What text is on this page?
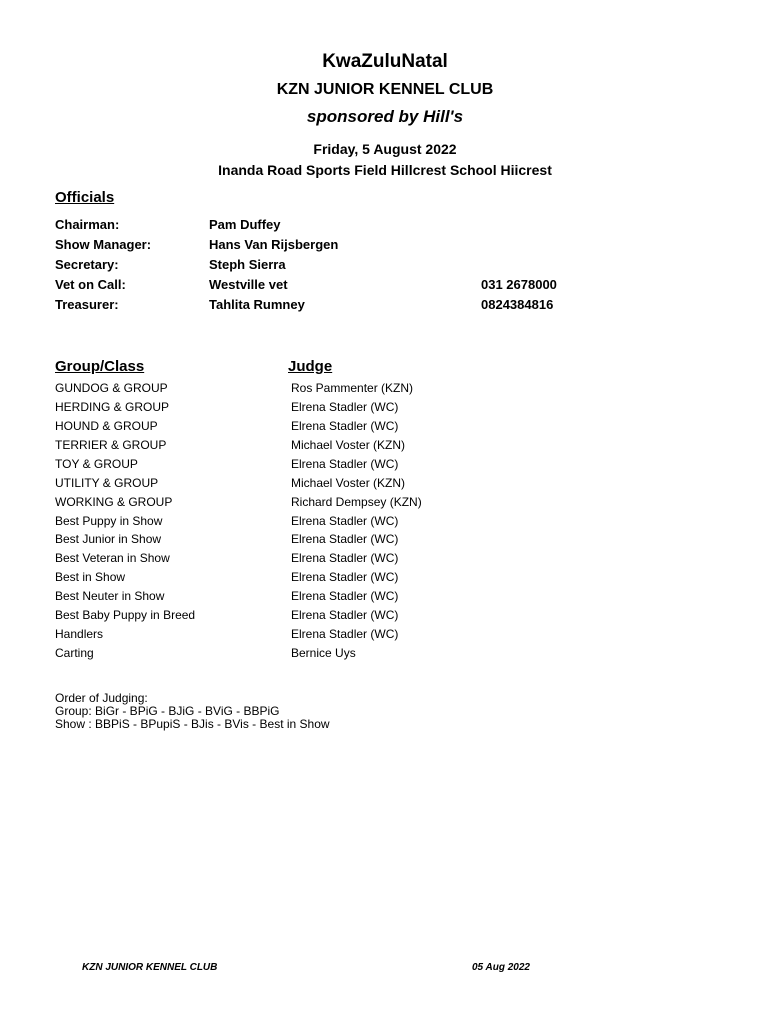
KwaZuluNatal
KZN JUNIOR KENNEL CLUB
sponsored by Hill's
Friday, 5 August 2022
Inanda Road Sports Field Hillcrest School Hiicrest
Officials
Chairman:	Pam Duffey
Show Manager:	Hans Van Rijsbergen
Secretary:	Steph Sierra
Vet on Call:	Westville vet	031 2678000
Treasurer:	Tahlita Rumney	0824384816
Group/Class	Judge
GUNDOG & GROUP	Ros Pammenter (KZN)
HERDING & GROUP	Elrena Stadler (WC)
HOUND & GROUP	Elrena Stadler (WC)
TERRIER & GROUP	Michael Voster (KZN)
TOY & GROUP	Elrena Stadler (WC)
UTILITY & GROUP	Michael Voster (KZN)
WORKING & GROUP	Richard Dempsey (KZN)
Best Puppy in Show	Elrena Stadler (WC)
Best Junior in Show	Elrena Stadler (WC)
Best Veteran in Show	Elrena Stadler (WC)
Best in Show	Elrena Stadler (WC)
Best Neuter in Show	Elrena Stadler (WC)
Best Baby Puppy in Breed	Elrena Stadler (WC)
Handlers	Elrena Stadler (WC)
Carting	Bernice Uys
Order of Judging:
Group: BiGr - BPiG - BJiG - BViG - BBPiG
Show : BBPiS - BPupiS - BJis - BVis - Best in Show
KZN JUNIOR KENNEL CLUB	05 Aug 2022
